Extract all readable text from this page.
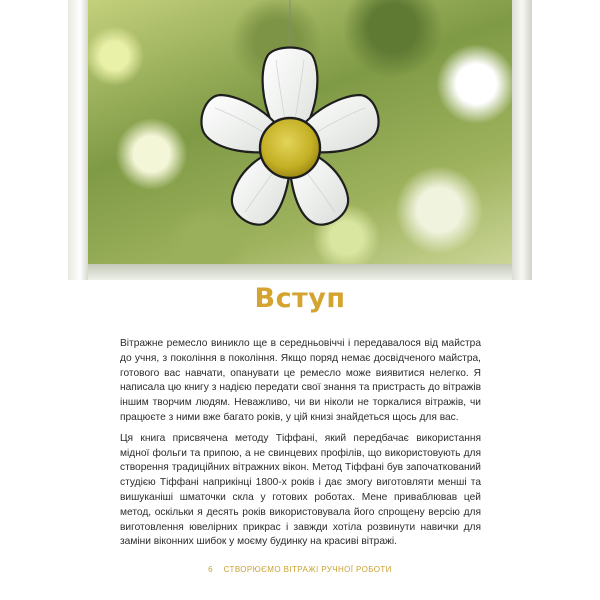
Вступ

Вітражне ремесло виникло ще в середньовіччі і передавалося від майстра до учня, з покоління в покоління. Якщо поряд немає досвідченого майстра, готового вас навчати, опанувати це ремесло може виявитися нелегко. Я написала цю книгу з надією передати свої знання та пристрасть до вітражів іншим творчим людям. Неважливо, чи ви ніколи не торкалися вітражів, чи працюєте з ними вже багато років, у цій книзі знайдеться щось для вас.

Ця книга присвячена методу Тіффані, який передбачає використання мідної фольги та припою, а не свинцевих профілів, що використовують для створення традиційних вітражних вікон. Метод Тіффані був започаткований студією Тіффані наприкінці 1800-х років і дає змогу виготовляти менші та вишуканіші шматочки скла у готових роботах. Мене приваблював цей метод, оскільки я десять років використовувала його спрощену версію для виготовлення ювелірних прикрас і завжди хотіла розвинути навички для заміни віконних шибок у моєму будинку на красиві вітражі.

6 СТВОРЮЄМО ВІТРАЖІ РУЧНОЇ РОБОТИ
